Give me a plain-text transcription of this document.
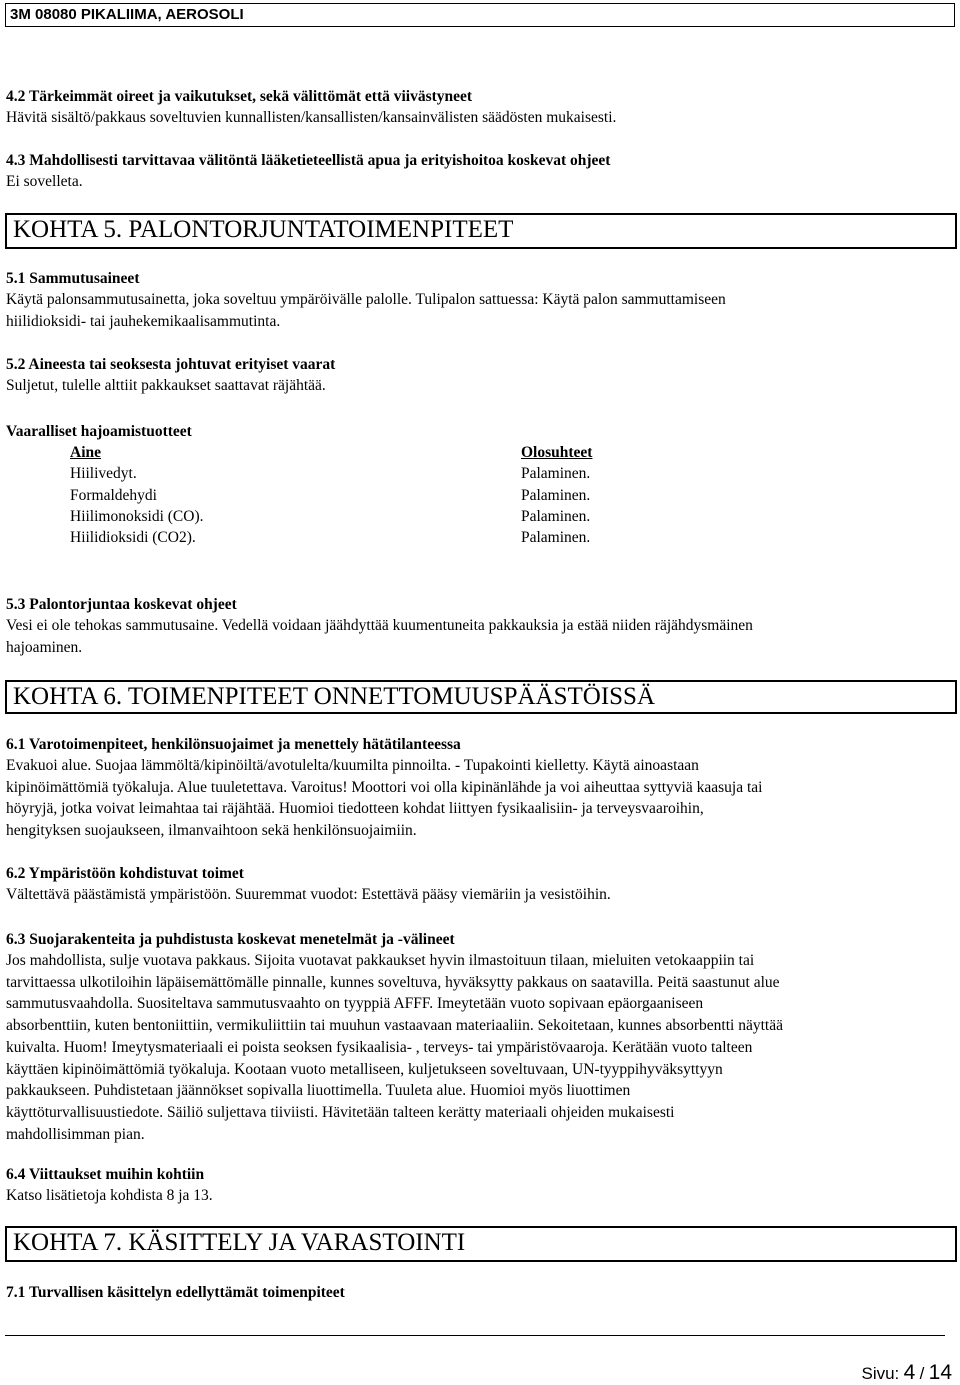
3M 08080 PIKALIIMA, AEROSOLI
4.2 Tärkeimmät oireet ja vaikutukset, sekä välittömät että viivästyneet
Hävitä sisältö/pakkaus soveltuvien kunnallisten/kansallisten/kansainvälisten säädösten mukaisesti.
4.3 Mahdollisesti tarvittavaa välitöntä lääketieteellistä apua ja erityishoitoa koskevat ohjeet
Ei sovelleta.
KOHTA 5. PALONTORJUNTATOIMENPITEET
5.1 Sammutusaineet
Käytä palonsammutusainetta, joka soveltuu ympäröivälle palolle. Tulipalon sattuessa: Käytä palon sammuttamiseen
hiilidioksidi- tai jauhekemikaalisammutinta.
5.2 Aineesta tai seoksesta johtuvat erityiset vaarat
Suljetut, tulelle alttiit pakkaukset saattavat räjähtää.
Vaaralliset hajoamistuotteet
Aine
Hiilivedyt.
Formaldehydi
Hiilimonoksidi (CO).
Hiilidioksidi (CO2).
Olosuhteet
Palaminen.
Palaminen.
Palaminen.
Palaminen.
5.3 Palontorjuntaa koskevat ohjeet
Vesi ei ole tehokas sammutusaine. Vedellä voidaan jäähdyttää kuumentuneita pakkauksia ja estää niiden räjähdysmäinen
hajoaminen.
KOHTA 6. TOIMENPITEET ONNETTOMUUSPÄÄSTÖISSÄ
6.1 Varotoimenpiteet, henkilönsuojaimet ja menettely hätätilanteessa
Evakuoi alue. Suojaa lämmöltä/kipinöiltä/avotulelta/kuumilta pinnoilta. - Tupakointi kielletty. Käytä ainoastaan
kipinöimättömiä työkaluja. Alue tuuletettava. Varoitus! Moottori voi olla kipinänlähde ja voi aiheuttaa syttyviä kaasuja tai
höyryjä, jotka voivat leimahtaa tai räjähtää. Huomioi tiedotteen kohdat liittyen fysikaalisiin- ja terveysvaaroihin,
hengityksen suojaukseen, ilmanvaihtoon sekä henkilönsuojaimiin.
6.2 Ympäristöön kohdistuvat toimet
Vältettävä päästämistä ympäristöön. Suuremmat vuodot: Estettävä pääsy viemäriin ja vesistöihin.
6.3 Suojarakenteita ja puhdistusta koskevat menetelmät ja -välineet
Jos mahdollista, sulje vuotava pakkaus. Sijoita vuotavat pakkaukset hyvin ilmastoituun tilaan, mieluiten vetokaappiin tai
tarvittaessa ulkotiloihin läpäisemättömälle pinnalle, kunnes soveltuva, hyväksytty pakkaus on saatavilla. Peitä saastunut alue
sammutusvaahdolla. Suositeltava sammutusvaahto on tyyppiä AFFF. Imeytetään vuoto sopivaan epäorgaaniseen
absorbenttiin, kuten bentoniittiin, vermikuliittiin tai muuhun vastaavaan materiaaliin. Sekoitetaan, kunnes absorbentti näyttää
kuivalta. Huom! Imeytysmateriaali ei poista seoksen fysikaalisia- , terveys- tai ympäristövaaroja. Kerätään vuoto talteen
käyttäen kipinöimättömiä työkaluja. Kootaan vuoto metalliseen, kuljetukseen soveltuvaan, UN-tyyppihyväksyttyyn
pakkaukseen. Puhdistetaan jäännökset sopivalla liuottimella. Tuuleta alue. Huomioi myös liuottimen
käyttöturvallisuustiedote. Säiliö suljettava tiiviisti. Hävitetään talteen kerätty materiaali ohjeiden mukaisesti
mahdollisimman pian.
6.4 Viittaukset muihin kohtiin
Katso lisätietoja kohdista 8 ja 13.
KOHTA 7. KÄSITTELY JA VARASTOINTI
7.1 Turvallisen käsittelyn edellyttämät toimenpiteet
Sivu: 4 / 14
